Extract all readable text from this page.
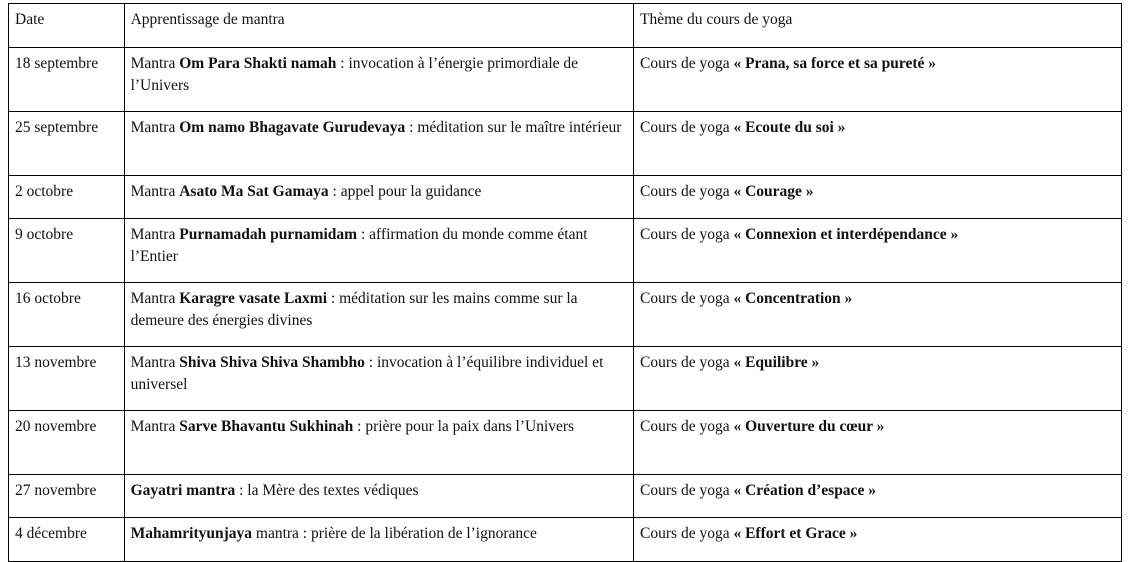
Date	Apprentissage de mantra	Thème du cours de yoga
18 septembre	Mantra Om Para Shakti namah : invocation à l’énergie primordiale de l’Univers	Cours de yoga « Prana, sa force et sa pureté »
25 septembre	Mantra Om namo Bhagavate Gurudevaya : méditation sur le maître intérieur	Cours de yoga « Ecoute du soi »
2 octobre	Mantra Asato Ma Sat Gamaya : appel pour la guidance	Cours de yoga « Courage »
9 octobre	Mantra Purnamadah purnamidam : affirmation du monde comme étant l’Entier	Cours de yoga « Connexion et interdépendance »
16 octobre	Mantra Karagre vasate Laxmi : méditation sur les mains comme sur la demeure des énergies divines	Cours de yoga « Concentration »
13 novembre	Mantra Shiva Shiva Shiva Shambho : invocation à l’équilibre individuel et universel	Cours de yoga « Equilibre »
20 novembre	Mantra Sarve Bhavantu Sukhinah : prière pour la paix dans l’Univers	Cours de yoga « Ouverture du cœur »
27 novembre	Gayatri mantra : la Mère des textes védiques	Cours de yoga « Création d’espace »
4 décembre	Mahamrityunjaya mantra : prière de la libération de l’ignorance	Cours de yoga « Effort et Grace »
